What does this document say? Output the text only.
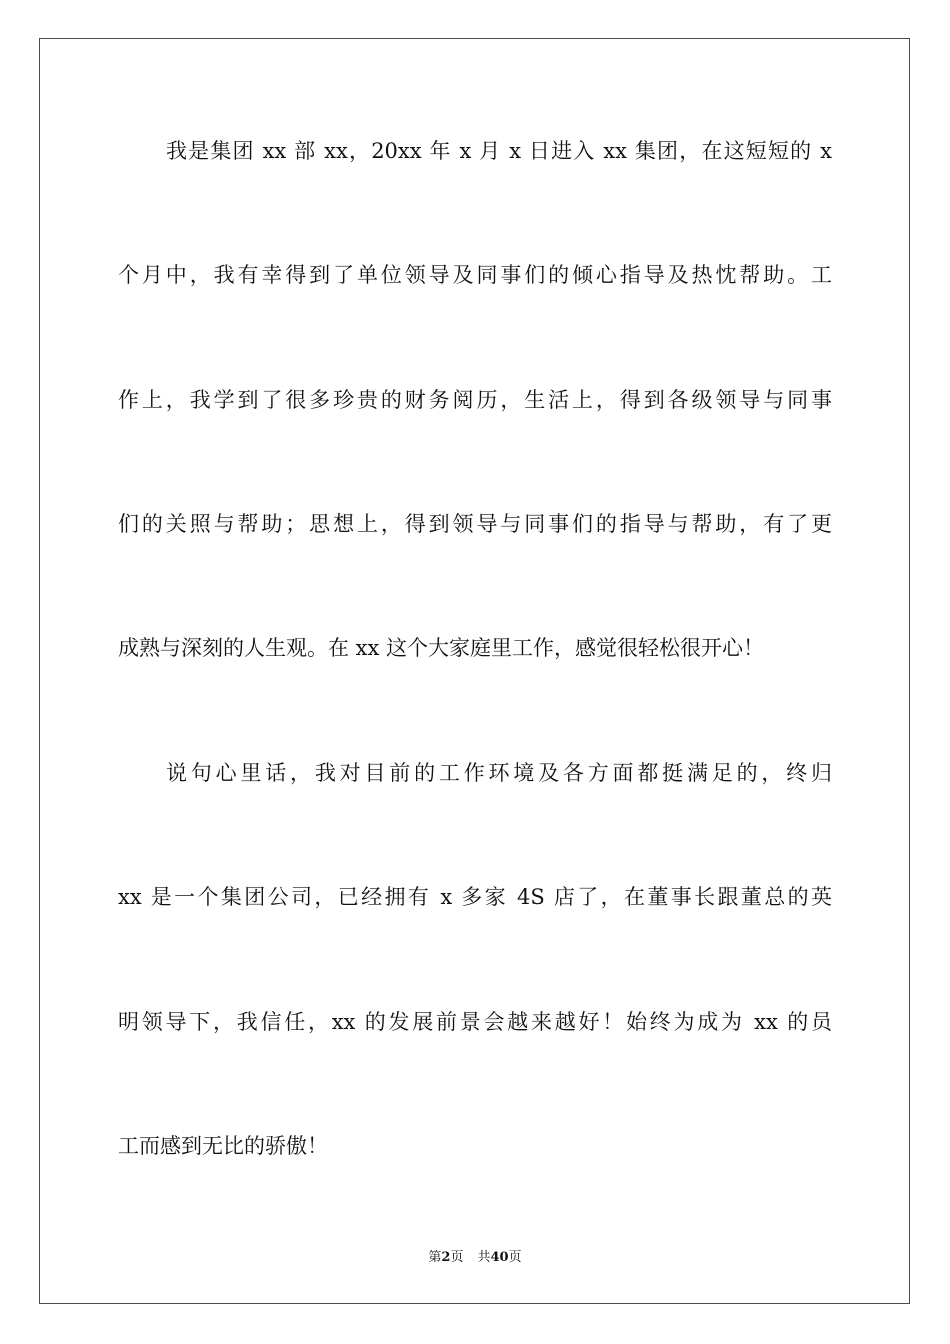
我是集团 xx 部 xx，20xx 年 x 月 x 日进入 xx 集团，在这短短的 x
个月中，我有幸得到了单位领导及同事们的倾心指导及热忱帮助。工
作上，我学到了很多珍贵的财务阅历，生活上，得到各级领导与同事
们的关照与帮助；思想上，得到领导与同事们的指导与帮助，有了更
成熟与深刻的人生观。在 xx 这个大家庭里工作，感觉很轻松很开心！
说句心里话，我对目前的工作环境及各方面都挺满足的，终归
xx 是一个集团公司，已经拥有 x 多家 4S 店了，在董事长跟董总的英
明领导下，我信任，xx 的发展前景会越来越好！始终为成为 xx 的员
工而感到无比的骄傲！
第2页 共40页
